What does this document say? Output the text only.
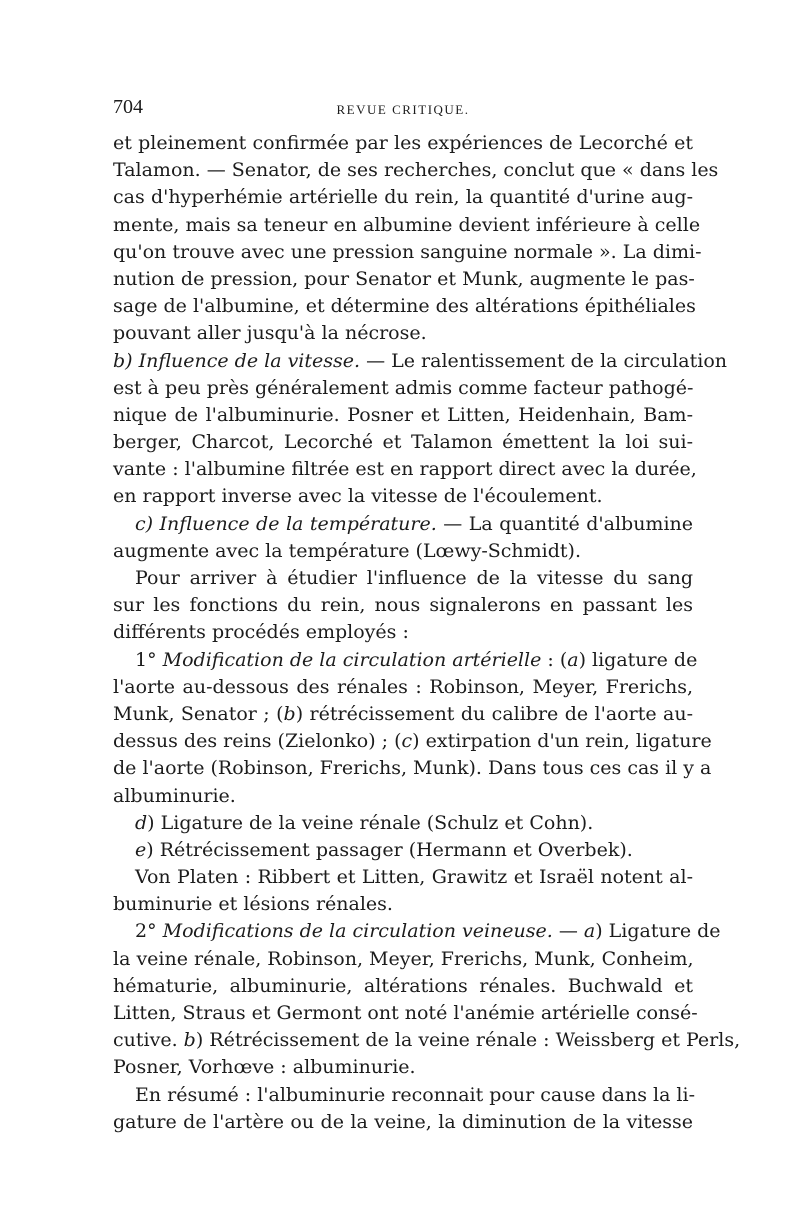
704	REVUE CRITIQUE.
et pleinement confirmée par les expériences de Lecorché et
Talamon. — Senator, de ses recherches, conclut que « dans les
cas d'hyperhémie artérielle du rein, la quantité d'urine aug-
mente, mais sa teneur en albumine devient inférieure à celle
qu'on trouve avec une pression sanguine normale ». La dimi-
nution de pression, pour Senator et Munk, augmente le pas-
sage de l'albumine, et détermine des altérations épithéliales
pouvant aller jusqu'à la nécrose.
b) Influence de la vitesse. — Le ralentissement de la circulation
est à peu près généralement admis comme facteur pathogé-
nique de l'albuminurie. Posner et Litten, Heidenhain, Bam-
berger, Charcot, Lecorché et Talamon émettent la loi sui-
vante : l'albumine filtrée est en rapport direct avec la durée,
en rapport inverse avec la vitesse de l'écoulement.
c) Influence de la température. — La quantité d'albumine
augmente avec la température (Lœwy-Schmidt).
Pour arriver à étudier l'influence de la vitesse du sang
sur les fonctions du rein, nous signalerons en passant les
différents procédés employés :
1° Modification de la circulation artérielle : (a) ligature de
l'aorte au-dessous des rénales : Robinson, Meyer, Frerichs,
Munk, Senator ; (b) rétrécissement du calibre de l'aorte au-
dessus des reins (Zielonko) ; (c) extirpation d'un rein, ligature
de l'aorte (Robinson, Frerichs, Munk). Dans tous ces cas il y a
albuminurie.
d) Ligature de la veine rénale (Schulz et Cohn).
e) Rétrécissement passager (Hermann et Overbek).
Von Platen : Ribbert et Litten, Grawitz et Israël notent al-
buminurie et lésions rénales.
2° Modifications de la circulation veineuse. — a) Ligature de
la veine rénale, Robinson, Meyer, Frerichs, Munk, Conheim,
hématurie, albuminurie, altérations rénales. Buchwald et
Litten, Straus et Germont ont noté l'anémie artérielle consé-
cutive. b) Rétrécissement de la veine rénale : Weissberg et Perls,
Posner, Vorhœve : albuminurie.
En résumé : l'albuminurie reconnait pour cause dans la li-
gature de l'artère ou de la veine, la diminution de la vitesse
